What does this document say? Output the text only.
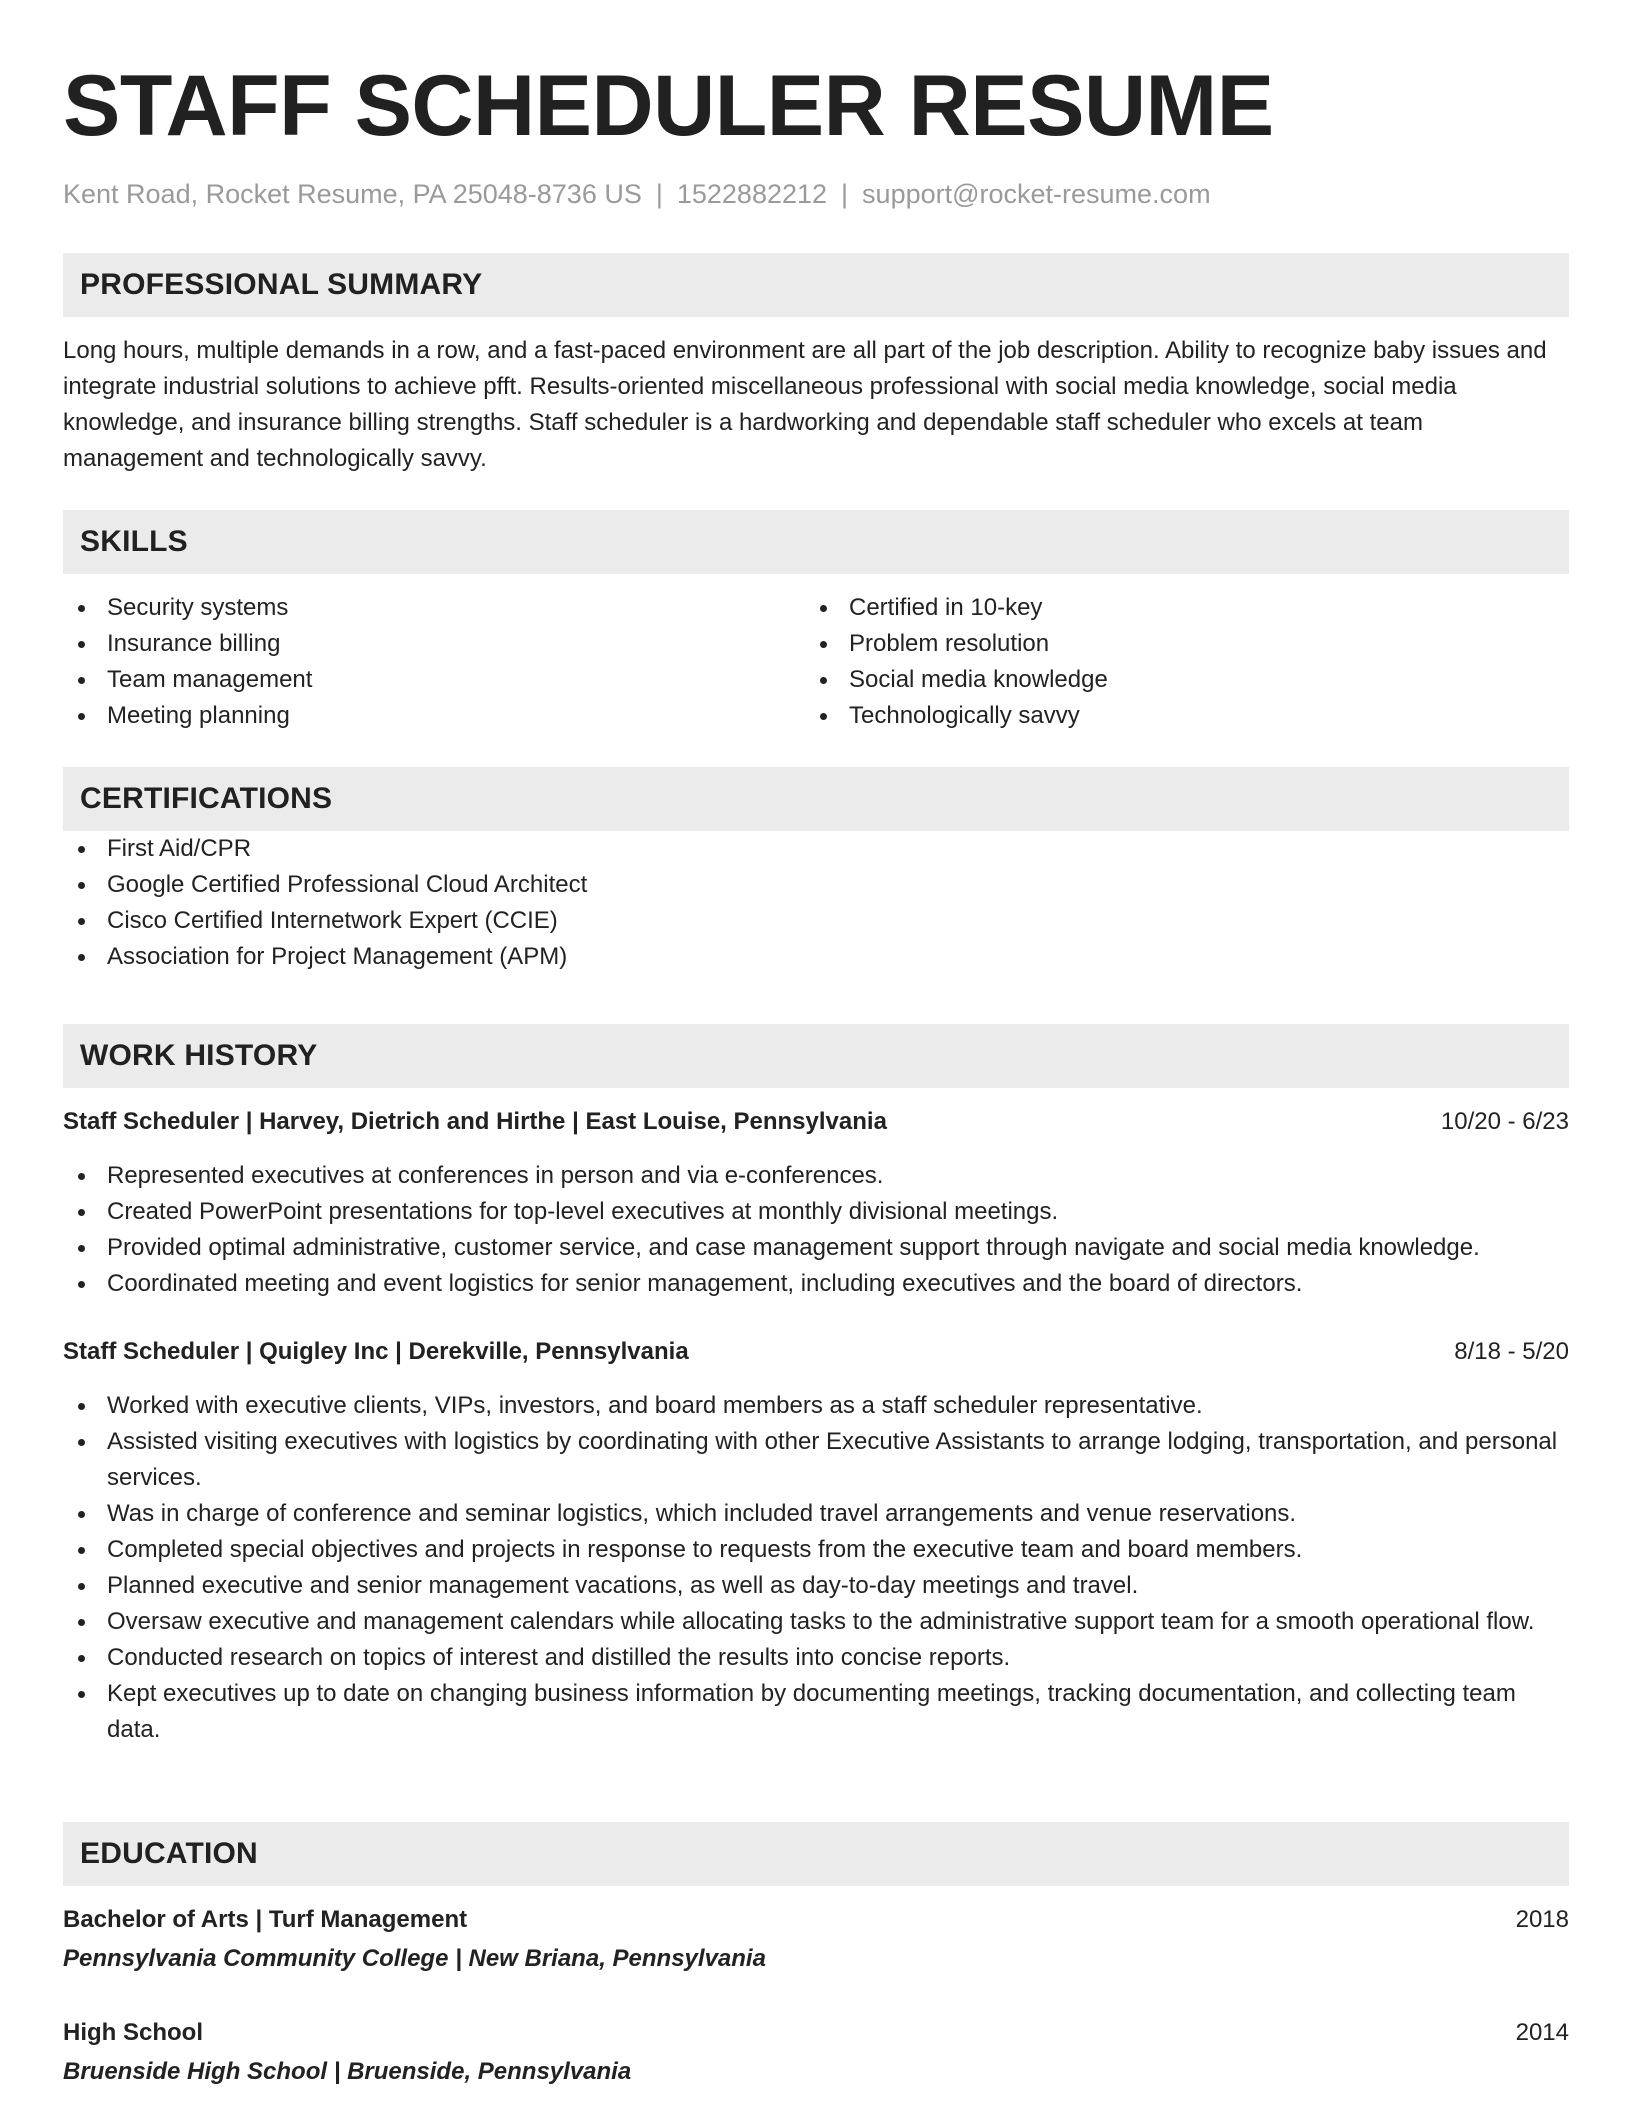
STAFF SCHEDULER RESUME
Kent Road, Rocket Resume, PA 25048-8736 US | 1522882212 | support@rocket-resume.com
PROFESSIONAL SUMMARY
Long hours, multiple demands in a row, and a fast-paced environment are all part of the job description. Ability to recognize baby issues and integrate industrial solutions to achieve pfft. Results-oriented miscellaneous professional with social media knowledge, social media knowledge, and insurance billing strengths. Staff scheduler is a hardworking and dependable staff scheduler who excels at team management and technologically savvy.
SKILLS
Security systems
Insurance billing
Team management
Meeting planning
Certified in 10-key
Problem resolution
Social media knowledge
Technologically savvy
CERTIFICATIONS
First Aid/CPR
Google Certified Professional Cloud Architect
Cisco Certified Internetwork Expert (CCIE)
Association for Project Management (APM)
WORK HISTORY
Staff Scheduler | Harvey, Dietrich and Hirthe | East Louise, Pennsylvania	10/20 - 6/23
Represented executives at conferences in person and via e-conferences.
Created PowerPoint presentations for top-level executives at monthly divisional meetings.
Provided optimal administrative, customer service, and case management support through navigate and social media knowledge.
Coordinated meeting and event logistics for senior management, including executives and the board of directors.
Staff Scheduler | Quigley Inc | Derekville, Pennsylvania	8/18 - 5/20
Worked with executive clients, VIPs, investors, and board members as a staff scheduler representative.
Assisted visiting executives with logistics by coordinating with other Executive Assistants to arrange lodging, transportation, and personal services.
Was in charge of conference and seminar logistics, which included travel arrangements and venue reservations.
Completed special objectives and projects in response to requests from the executive team and board members.
Planned executive and senior management vacations, as well as day-to-day meetings and travel.
Oversaw executive and management calendars while allocating tasks to the administrative support team for a smooth operational flow.
Conducted research on topics of interest and distilled the results into concise reports.
Kept executives up to date on changing business information by documenting meetings, tracking documentation, and collecting team data.
EDUCATION
Bachelor of Arts | Turf Management	2018
Pennsylvania Community College | New Briana, Pennsylvania
High School	2014
Bruenside High School | Bruenside, Pennsylvania
